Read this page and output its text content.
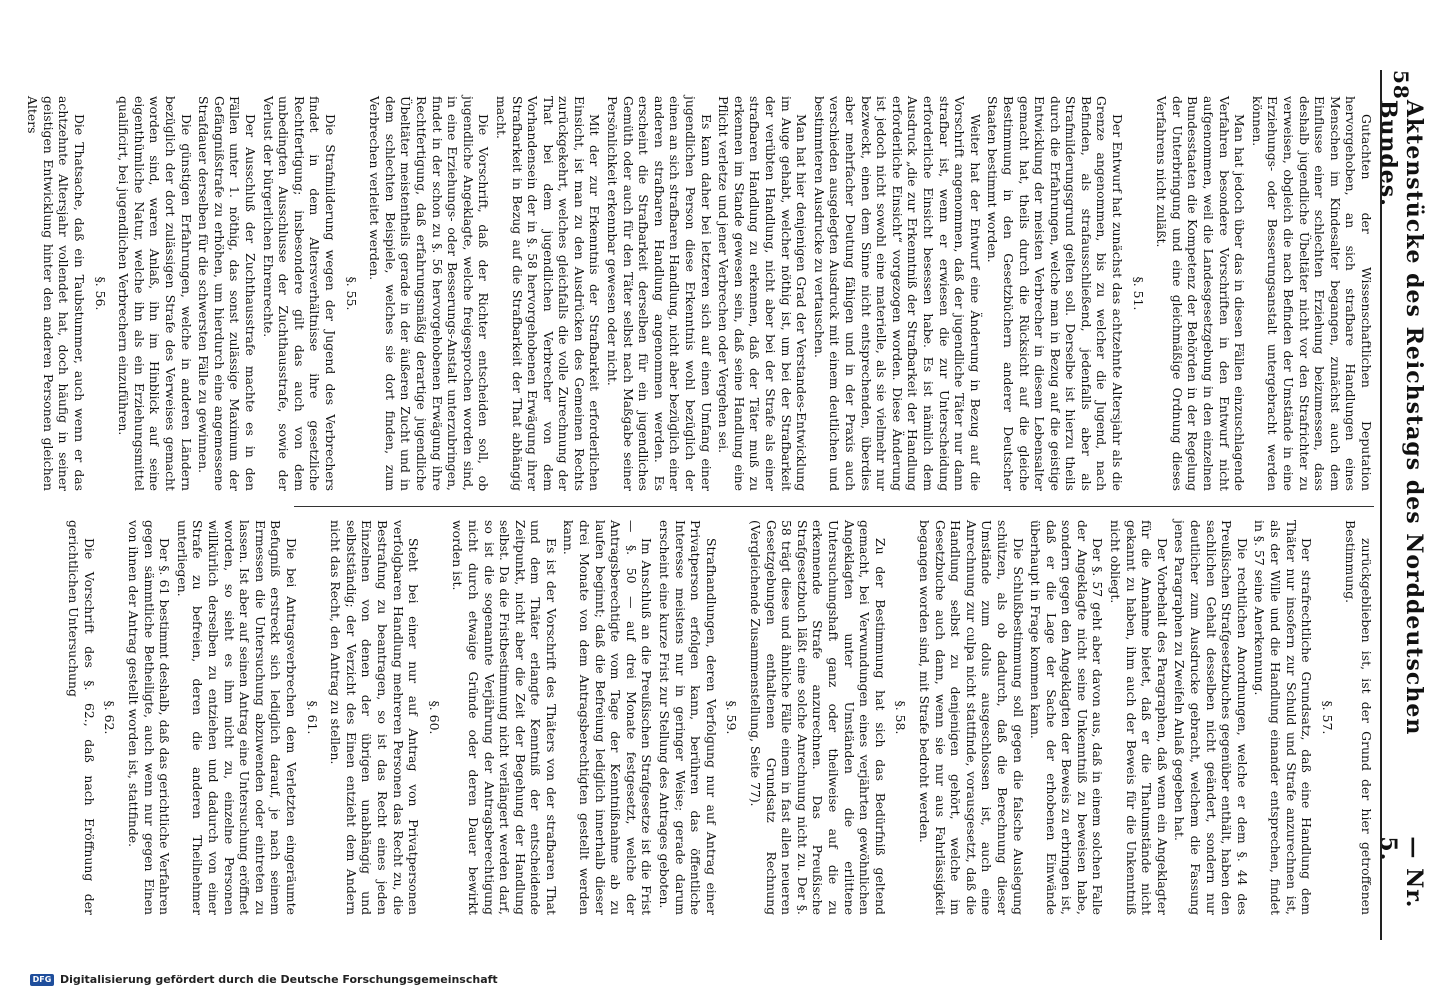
58
Aktenstücke des Reichstags des Norddeutschen Bundes.
— Nr. 5.

Gutachten der Wissenschaftlichen Deputation hervorgehoben, an sich strafbare Handlungen eines Menschen im Kindesalter begangen, zunächst auch dem Einflusse einer schlechten Erziehung beizumessen, dass deshalb jugendliche Übeltäter nicht vor den Strafrichter zu verweisen, obgleich die nach Befinden der Umstände in eine Erziehungs- oder Besserungsanstalt untergebracht werden können.

Man hat jedoch über das in diesen Fällen einzuschlagende Verfahren besondere Vorschriften in den Entwurf nicht aufgenommen, weil die Landesgesetzgebung in den einzelnen Bundesstaaten die Kompetenz der Behörden in der Regelung der Unterbringung und eine gleichmäßige Ordnung dieses Verfahrens nicht zuläßt.

§. 51.

Der Entwurf hat zunächst das achtzehnte Altersjahr als die Grenze angenommen, bis zu welcher die Jugend, nach Befinden, als strafausschließend, jedenfalls aber als Strafmilderungsgrund gelten soll. Derselbe ist hierzu theils durch die Erfahrungen, welche man in Bezug auf die geistige Entwicklung der meisten Verbrecher in diesem Lebensalter gemacht hat, theils durch die Rücksicht auf die gleiche Bestimmung in den Gesetzbüchern anderer Deutscher Staaten bestimmt worden.

Weiter hat der Entwurf eine Änderung in Bezug auf die Vorschrift angenommen, daß der jugendliche Täter nur dann strafbar ist, wenn er erwiesen die zur Unterscheidung erforderliche Einsicht besessen habe. Es ist nämlich dem Ausdruck „die zur Erkenntniß der Strafbarkeit der Handlung erforderliche Einsicht“ vorgezogen worden. Diese Änderung ist jedoch nicht sowohl eine materielle, als sie vielmehr nur bezweckt, einen dem Sinne nicht entsprechenden, überdies aber mehrfacher Deutung fähigen und in der Praxis auch verschieden ausgelegten Ausdruck mit einem deutlichen und bestimmteren Ausdrucke zu vertauschen.

Man hat hier denjenigen Grad der Verstandes-Entwicklung im Auge gehabt, welcher nöthig ist, um bei der Strafbarkeit der verübten Handlung, nicht aber bei der Strafe als einer strafbaren Handlung zu erkennen, daß der Täter muß zu erkennen im Stande gewesen sein, daß seine Handlung eine Pflicht verletze und jener Verbrechen oder Vergehen sei.

Es kann daher bei letzteren sich auf einen Umfang einer jugendlichen Person diese Erkenntnis wohl bezüglich der einen an sich strafbaren Handlung, nicht aber bezüglich einer anderen strafbaren Handlung angenommen werden. Es erscheint die Strafbarkeit derselben für ein jugendliches Gemüth oder auch für den Täter selbst nach Maßgabe seiner Persönlichkeit erkennbar gewesen oder nicht.

Mit der zur Erkenntnis der Strafbarkeit erforderlichen Einsicht, ist man zu den Ausdrücken des Gemeinen Rechts zurückgekehrt, welches gleichfalls die volle Zurechnung der That bei dem jugendlichen Verbrecher von dem Vorhandensein der in §. 58 hervorgehobenen Erwägung ihrer Strafbarkeit in Bezug auf die Strafbarkeit der That abhängig macht.

Die Vorschrift, daß der Richter entscheiden soll, ob jugendliche Angeklagte, welche freigesprochen worden sind, in eine Erziehungs- oder Besserungs-Anstalt unterzubringen, findet in der schon zu §. 56 hervorgehobenen Erwägung ihre Rechtfertigung, daß erfahrungsmäßig derartige jugendliche Übeltäter meistentheils gerade in der äußeren Zucht und in dem schlechten Beispiele, welches sie dort finden, zum Verbrechen verleitet werden.

§. 55.

Die Strafmilderung wegen der Jugend des Verbrechers findet in dem Altersverhältnisse ihre gesetzliche Rechtfertigung; insbesondere gilt das auch von dem unbedingten Ausschlusse der Zuchthausstrafe, sowie der Verlust der bürgerlichen Ehrenrechte.

Der Ausschluß der Zuchthausstrafe machte es in den Fällen unter 1. nöthig, das sonst zulässige Maximum der Gefängnißstrafe zu erhöhen, um hierdurch eine angemessene Strafdauer derselben für die schwersten Fälle zu gewinnen.

Die günstigen Erfahrungen, welche in anderen Ländern bezüglich der dort zulässigen Strafe des Verweises gemacht worden sind, waren Anlaß, ihn im Hinblick auf seine eigenthümliche Natur, welche ihn als ein Erziehungsmittel qualificirt, bei jugendlichen Verbrechern einzuführen.

§. 56.

Die Thatsache, daß ein Taubstummer, auch wenn er das achtzehnte Altersjahr vollendet hat, doch häufig in seiner geistigen Entwicklung hinter den anderen Personen gleichen Alters

zurückgeblieben ist, ist der Grund der hier getroffenen Bestimmung.

§. 57.

Der strafrechtliche Grundsatz, daß eine Handlung dem Thäter nur insofern zur Schuld und Strafe anzurechnen ist, als der Wille und die Handlung einander entsprechen, findet in §. 57 seine Anerkennung.

Die rechtlichen Anordnungen, welche er dem §. 44 des Preußischen Strafgesetzbuches gegenüber enthält, haben den sachlichen Gehalt desselben nicht geändert, sondern nur deutlicher zum Ausdrucke gebracht, welchem die Fassung jenes Paragraphen zu Zweifeln Anlaß gegeben hat.

Der Vorbehalt des Paragraphen, daß wenn ein Angeklagter für die Annahme bietet, daß er die Thatumstände nicht gekannt zu haben, ihm auch der Beweis für die Unkenntniß nicht obliegt.

Der §. 57 geht aber davon aus, daß in einem solchen Falle der Angeklagte nicht seine Unkenntniß zu beweisen habe, sondern gegen den Angeklagten der Beweis zu erbringen ist, daß er die Lage der Sache der erhobenen Einwände überhaupt in Frage kommen kann.

Die Schlußbestimmung soll gegen die falsche Auslegung schützen, als ob dadurch, daß die Berechnung dieser Umstände zum dolus ausgeschlossen ist, auch eine Anrechnung zur culpa nicht stattfinde, vorausgesetzt, daß die Handlung selbst zu denjenigen gehört, welche im Gesetzbuche auch dann, wenn sie nur aus Fahrlässigkeit begangen worden sind, mit Strafe bedroht werden.

§. 58.

Zu der Bestimmung hat sich das Bedürfniß geltend gemacht, bei Verwundungen eines verjährten gewöhnlichen Angeklagten unter Umständen die erlittene Untersuchungshaft ganz oder theilweise auf die zu erkennende Strafe anzurechnen. Das Preußische Strafgesetzbuch läßt eine solche Anrechnung nicht zu. Der §. 58 trägt diese und ähnliche Fälle einem in fast allen neueren Gesetzgebungen enthaltenen Grundsatz Rechnung (Vergleichende Zusammenstellung, Seite 77).

§. 59.

Strafhandlungen, deren Verfolgung nur auf Antrag einer Privatperson erfolgen kann, berühren das öffentliche Interesse meistens nur in geringer Weise; gerade darum erscheint eine kurze Frist zur Stellung des Antrages geboten.

Im Anschluß an die Preußischen Strafgesetze ist die Frist — §. 50 — auf drei Monate festgesetzt, welche der Antragsberechtigte vom Tage der Kenntnißnahme ab zu laufen beginnt; daß die Befreiung lediglich innerhalb dieser drei Monate von dem Antragsberechtigten gestellt werden kann.

Es ist der Vorschrift des Thäters von der strafbaren That und dem Thäter erlangte Kenntniß der entscheidende Zeitpunkt, nicht aber die Zeit der Begehung der Handlung selbst. Da die Fristbestimmung nicht verlängert werden darf, so ist die sogenannte Verjährung der Antragsberechtigung nicht durch etwaige Gründe oder deren Dauer bewirkt worden ist.

§. 60.

Steht bei einer nur auf Antrag von Privatpersonen verfolgbaren Handlung mehreren Personen das Recht zu, die Bestrafung zu beantragen, so ist das Recht eines jeden Einzelnen von denen der übrigen unabhängig und selbstständig; der Verzicht des Einen entzieht dem Andern nicht das Recht, den Antrag zu stellen.

§. 61.

Die bei Antragsverbrechen dem Verletzten eingeräumte Befugniß erstreckt sich lediglich darauf, je nach seinem Ermessen die Untersuchung abzuwenden oder eintreten zu lassen. Ist aber auf seinen Antrag eine Untersuchung eröffnet worden, so sieht es ihm nicht zu, einzelne Personen willkürlich derselben zu entziehen und dadurch von einer Strafe zu befreien, deren die anderen Theilnehmer unterliegen.

Der §. 61 bestimmt deshalb, daß das gerichtliche Verfahren gegen sämmtliche Betheiligte, auch wenn nur gegen Einen von ihnen der Antrag gestellt worden ist, stattfinde.

§. 62.

Die Vorschrift des §. 62., daß nach Eröffnung der gerichtlichen Untersuchung

DFG Digitalisierung gefördert durch die Deutsche Forschungsgemeinschaft
